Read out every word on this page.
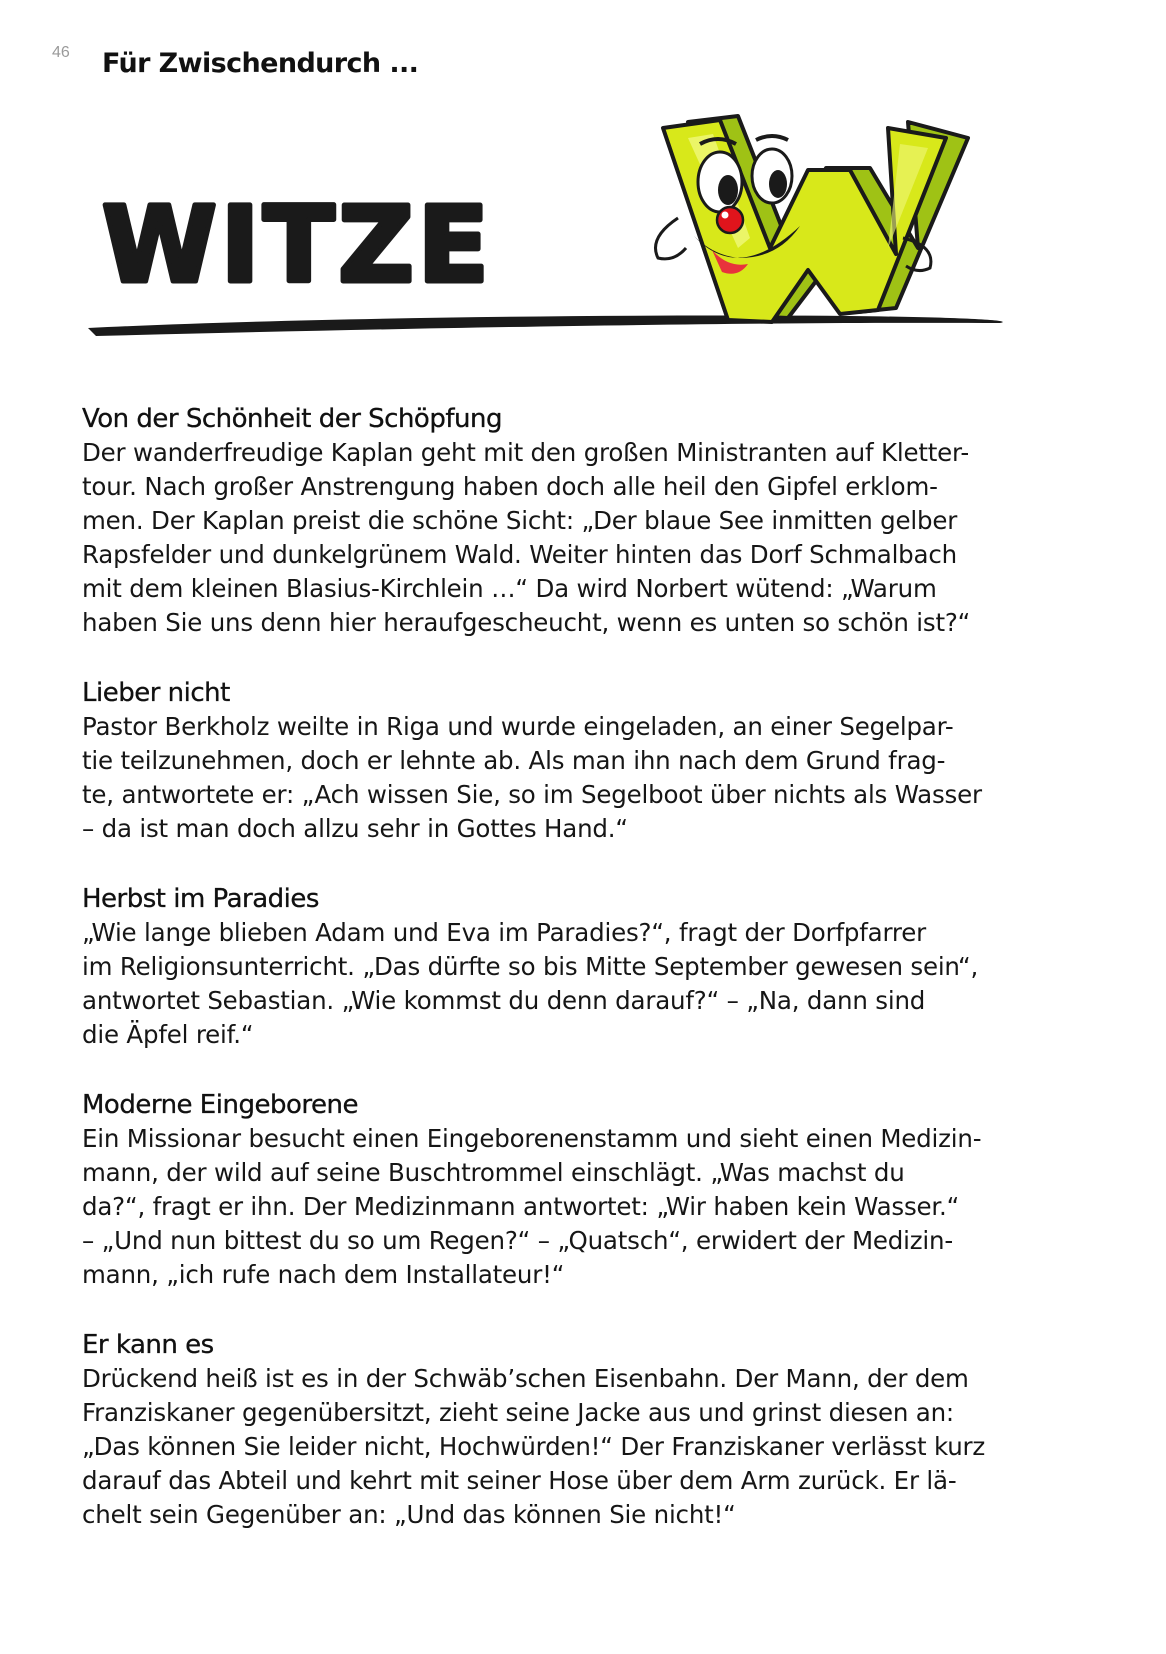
46 Für Zwischendurch ...
WITZE
Von der Schönheit der Schöpfung
Der wanderfreudige Kaplan geht mit den großen Ministranten auf Kletter-
tour. Nach großer Anstrengung haben doch alle heil den Gipfel erklom-
men. Der Kaplan preist die schöne Sicht: „Der blaue See inmitten gelber
Rapsfelder und dunkelgrünem Wald. Weiter hinten das Dorf Schmalbach
mit dem kleinen Blasius-Kirchlein …“ Da wird Norbert wütend: „Warum
haben Sie uns denn hier heraufgescheucht, wenn es unten so schön ist?“
Lieber nicht
Pastor Berkholz weilte in Riga und wurde eingeladen, an einer Segelpar-
tie teilzunehmen, doch er lehnte ab. Als man ihn nach dem Grund frag-
te, antwortete er: „Ach wissen Sie, so im Segelboot über nichts als Wasser
– da ist man doch allzu sehr in Gottes Hand.“
Herbst im Paradies
„Wie lange blieben Adam und Eva im Paradies?“, fragt der Dorfpfarrer
im Religionsunterricht. „Das dürfte so bis Mitte September gewesen sein“,
antwortet Sebastian. „Wie kommst du denn darauf?“ – „Na, dann sind
die Äpfel reif.“
Moderne Eingeborene
Ein Missionar besucht einen Eingeborenenstamm und sieht einen Medizin-
mann, der wild auf seine Buschtrommel einschlägt. „Was machst du
da?“, fragt er ihn. Der Medizinmann antwortet: „Wir haben kein Wasser.“
– „Und nun bittest du so um Regen?“ – „Quatsch“, erwidert der Medizin-
mann, „ich rufe nach dem Installateur!“
Er kann es
Drückend heiß ist es in der Schwäb’schen Eisenbahn. Der Mann, der dem
Franziskaner gegenübersitzt, zieht seine Jacke aus und grinst diesen an:
„Das können Sie leider nicht, Hochwürden!“ Der Franziskaner verlässt kurz
darauf das Abteil und kehrt mit seiner Hose über dem Arm zurück. Er lä-
chelt sein Gegenüber an: „Und das können Sie nicht!“
